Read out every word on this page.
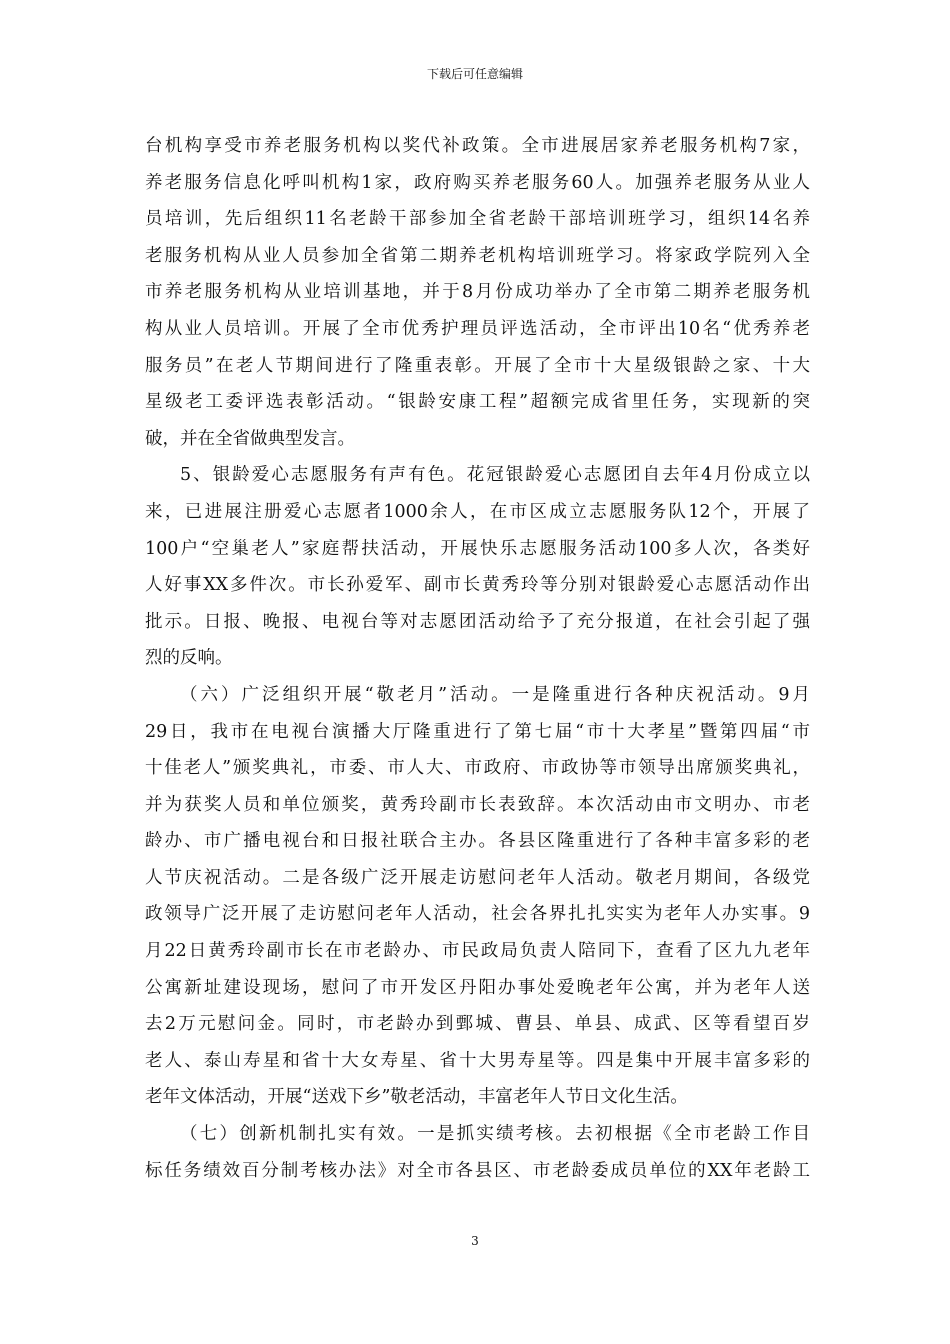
下载后可任意编辑
台机构享受市养老服务机构以奖代补政策。全市进展居家养老服务机构7家，
养老服务信息化呼叫机构1家，政府购买养老服务60人。加强养老服务从业人
员培训，先后组织11名老龄干部参加全省老龄干部培训班学习，组织14名养
老服务机构从业人员参加全省第二期养老机构培训班学习。将家政学院列入全
市养老服务机构从业培训基地，并于8月份成功举办了全市第二期养老服务机
构从业人员培训。开展了全市优秀护理员评选活动，全市评出10名“优秀养老
服务员”在老人节期间进行了隆重表彰。开展了全市十大星级银龄之家、十大
星级老工委评选表彰活动。“银龄安康工程”超额完成省里任务，实现新的突
破，并在全省做典型发言。
5、银龄爱心志愿服务有声有色。花冠银龄爱心志愿团自去年4月份成立以
来，已进展注册爱心志愿者1000余人，在市区成立志愿服务队12个，开展了
100户“空巢老人”家庭帮扶活动，开展快乐志愿服务活动100多人次，各类好
人好事XX多件次。市长孙爱军、副市长黄秀玲等分别对银龄爱心志愿活动作出
批示。日报、晚报、电视台等对志愿团活动给予了充分报道，在社会引起了强
烈的反响。
（六）广泛组织开展“敬老月”活动。一是隆重进行各种庆祝活动。9月
29日，我市在电视台演播大厅隆重进行了第七届“市十大孝星”暨第四届“市
十佳老人”颁奖典礼，市委、市人大、市政府、市政协等市领导出席颁奖典礼，
并为获奖人员和单位颁奖，黄秀玲副市长表致辞。本次活动由市文明办、市老
龄办、市广播电视台和日报社联合主办。各县区隆重进行了各种丰富多彩的老
人节庆祝活动。二是各级广泛开展走访慰问老年人活动。敬老月期间，各级党
政领导广泛开展了走访慰问老年人活动，社会各界扎扎实实为老年人办实事。9
月22日黄秀玲副市长在市老龄办、市民政局负责人陪同下，查看了区九九老年
公寓新址建设现场，慰问了市开发区丹阳办事处爱晚老年公寓，并为老年人送
去2万元慰问金。同时，市老龄办到鄄城、曹县、单县、成武、区等看望百岁
老人、泰山寿星和省十大女寿星、省十大男寿星等。四是集中开展丰富多彩的
老年文体活动，开展“送戏下乡”敬老活动，丰富老年人节日文化生活。
（七）创新机制扎实有效。一是抓实绩考核。去初根据《全市老龄工作目
标任务绩效百分制考核办法》对全市各县区、市老龄委成员单位的XX年老龄工
3
